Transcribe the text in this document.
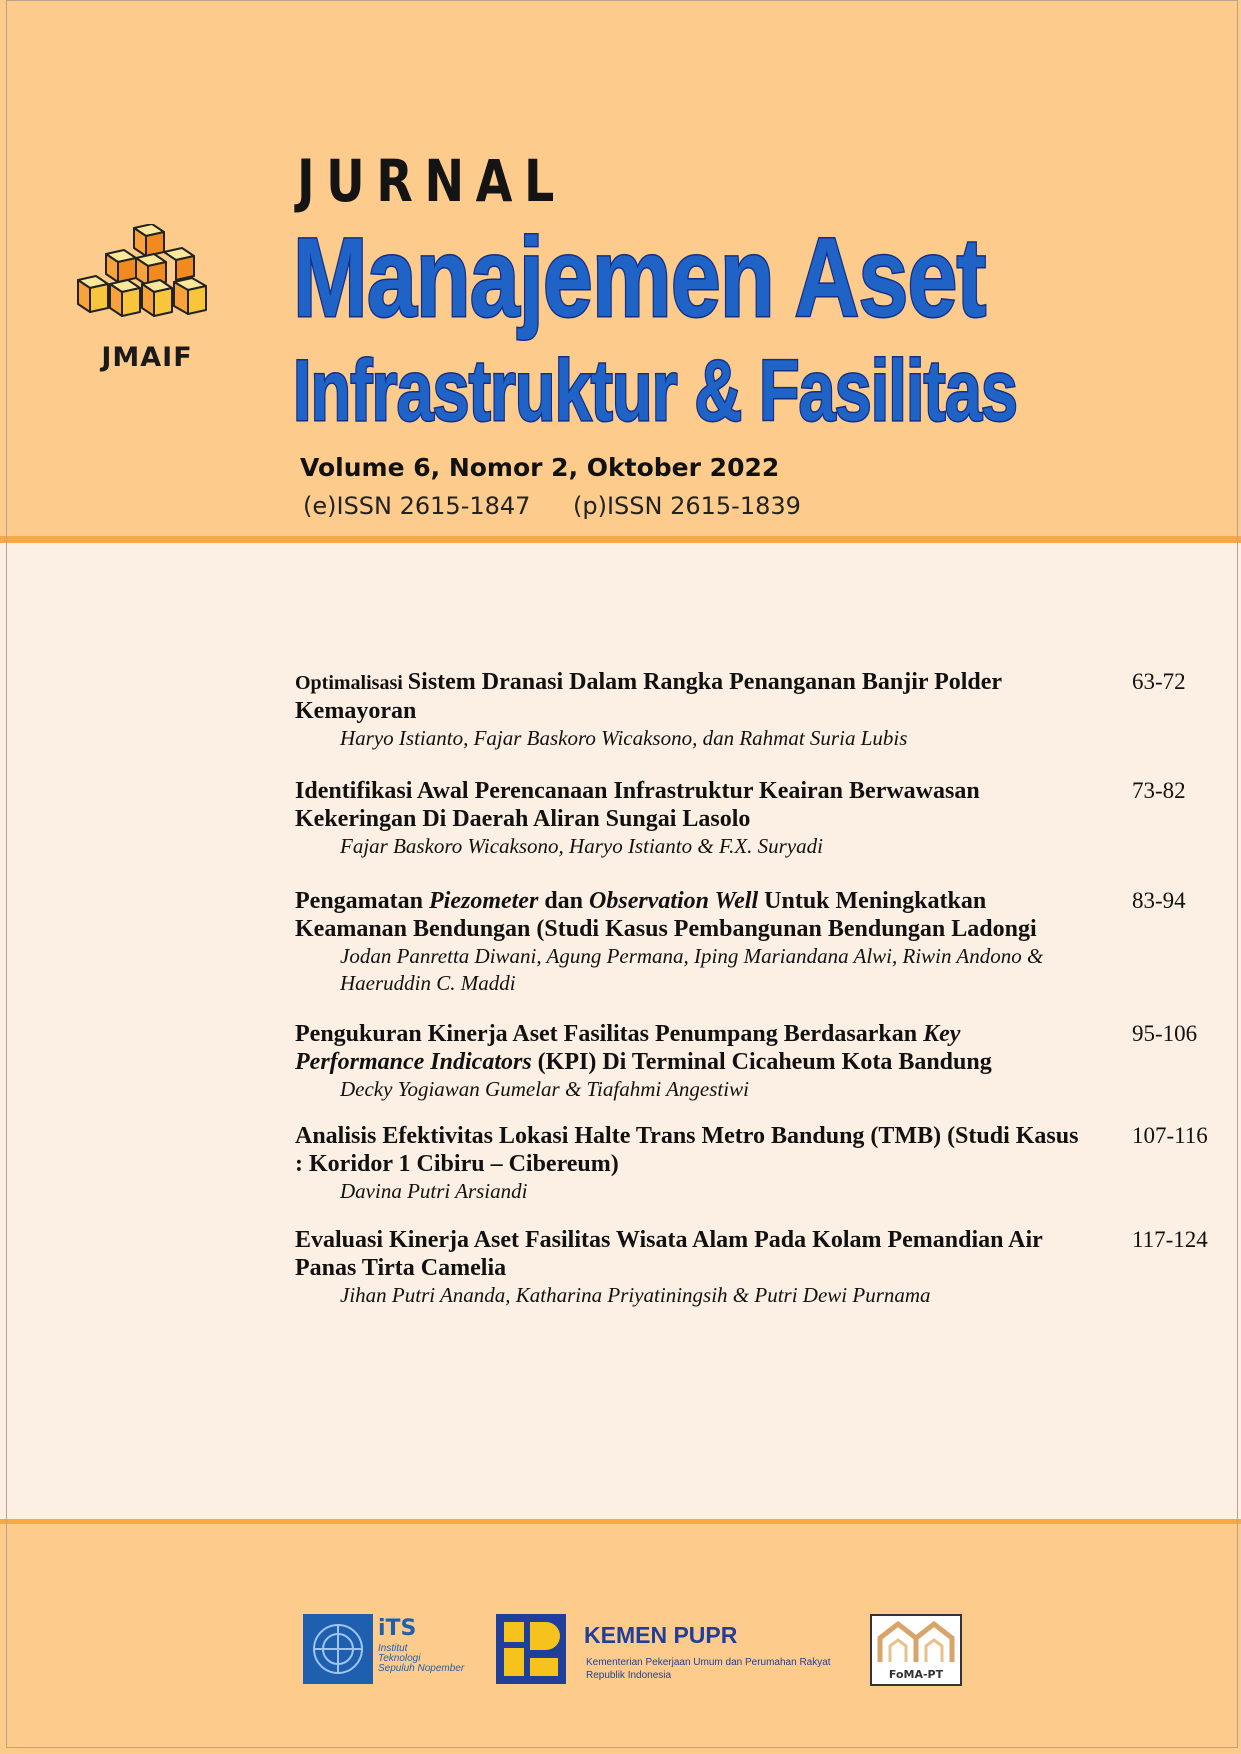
JMAIF
JURNAL
Manajemen Aset
Infrastruktur & Fasilitas
Volume 6, Nomor 2, Oktober 2022
(e)ISSN 2615-1847 (p)ISSN 2615-1839
Optimalisasi Sistem Dranasi Dalam Rangka Penanganan Banjir Polder Kemayoran
63-72
Haryo Istianto, Fajar Baskoro Wicaksono, dan Rahmat Suria Lubis
Identifikasi Awal Perencanaan Infrastruktur Keairan Berwawasan Kekeringan Di Daerah Aliran Sungai Lasolo
73-82
Fajar Baskoro Wicaksono, Haryo Istianto & F.X. Suryadi
Pengamatan Piezometer dan Observation Well Untuk Meningkatkan Keamanan Bendungan (Studi Kasus Pembangunan Bendungan Ladongi
83-94
Jodan Panretta Diwani, Agung Permana, Iping Mariandana Alwi, Riwin Andono &
Haeruddin C. Maddi
Pengukuran Kinerja Aset Fasilitas Penumpang Berdasarkan Key Performance Indicators (KPI) Di Terminal Cicaheum Kota Bandung
95-106
Decky Yogiawan Gumelar & Tiafahmi Angestiwi
Analisis Efektivitas Lokasi Halte Trans Metro Bandung (TMB) (Studi Kasus : Koridor 1 Cibiru – Cibereum)
107-116
Davina Putri Arsiandi
Evaluasi Kinerja Aset Fasilitas Wisata Alam Pada Kolam Pemandian Air Panas Tirta Camelia
117-124
Jihan Putri Ananda, Katharina Priyatiningsih & Putri Dewi Purnama
iTS
Institut
Teknologi
Sepuluh Nopember
KEMEN PUPR
Kementerian Pekerjaan Umum dan Perumahan Rakyat
Republik Indonesia	FoMA-PT
